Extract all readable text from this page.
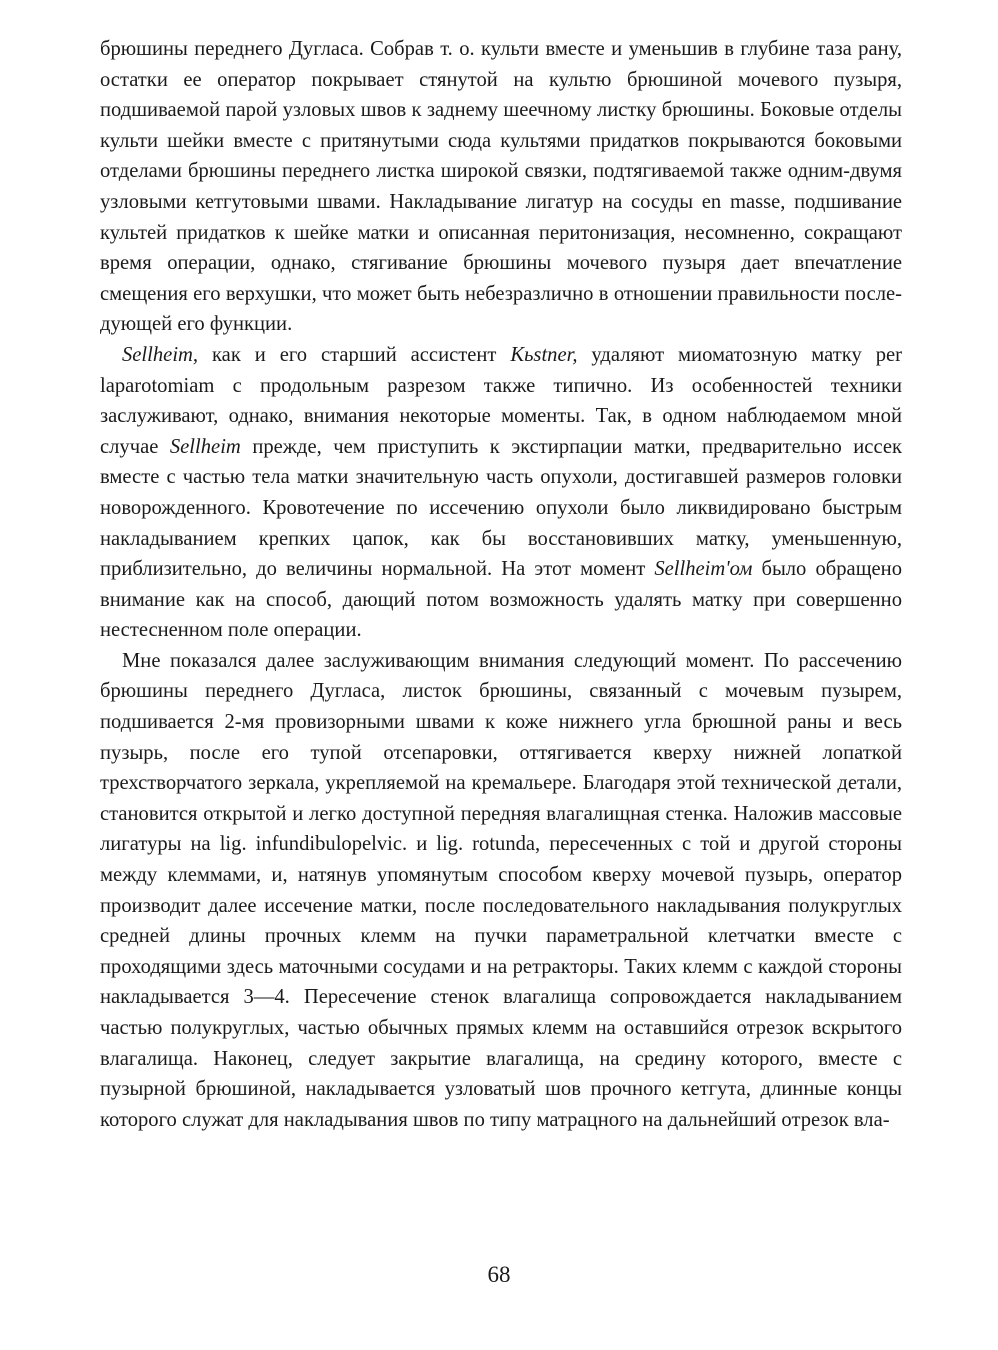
брюшины переднего Дугласа. Собрав т. о. культи вместе и уменьшив в глубине таза рану, остатки ее оператор покрывает стянутой на культю брюшиной мочевого пузыря, подшиваемой парой узловых швов к заднему шеечному листку брюшины. Боковые отделы культи шейки вместе с притянутыми сюда культями придатков покрываются боковыми отделами брюшины переднего листка широкой связки, подтягиваемой также одним-двумя узловыми кетгутовыми швами. Накладывание лигатур на сосуды en masse, подшивание культей придатков к шейке матки и описанная перитонизация, несомненно, сокращают время операции, однако, стягивание брюшины мочевого пузыря дает впечатление смещения его верхушки, что может быть небезразлично в отношении правильности последующей его функции.

Sellheim, как и его старший ассистент Kьstner, удаляют миоматозную матку per laparotomiam с продольным разрезом также типично. Из особенностей техники заслуживают, однако, внимания некоторые моменты. Так, в одном наблюдаемом мной случае Sellheim прежде, чем приступить к экстирпации матки, предварительно иссек вместе с частью тела матки значительную часть опухоли, достигавшей размеров головки новорожденного. Кровотечение по иссечению опухоли было ликвидировано быстрым накладыванием крепких цапок, как бы восстановивших матку, уменьшенную, приблизительно, до величины нормальной. На этот момент Sellheim'ом было обращено внимание как на способ, дающий потом возможность удалять матку при совершенно нестесненном поле операции.

Мне показался далее заслуживающим внимания следующий момент. По рассечению брюшины переднего Дугласа, листок брюшины, связанный с мочевым пузырем, подшивается 2-мя провизорными швами к коже нижнего угла брюшной раны и весь пузырь, после его тупой отсепаровки, оттягивается кверху нижней лопаткой трехстворчатого зеркала, укрепляемой на кремальере. Благодаря этой технической детали, становится открытой и легко доступной передняя влагалищная стенка. Наложив массовые лигатуры на lig. infundibulopelvic. и lig. rotunda, пересеченных с той и другой стороны между клеммами, и, натянув упомянутым способом кверху мочевой пузырь, оператор производит далее иссечение матки, после последовательного накладывания полукруглых средней длины прочных клемм на пучки параметральной клетчатки вместе с проходящими здесь маточными сосудами и на ретракторы. Таких клемм с каждой стороны накладывается 3—4. Пересечение стенок влагалища сопровождается накладыванием частью полукруглых, частью обычных прямых клемм на оставшийся отрезок вскрытого влагалища. Наконец, следует закрытие влагалища, на средину которого, вместе с пузырной брюшиной, накладывается узловатый шов прочного кетгута, длинные концы которого служат для накладывания швов по типу матрацного на дальнейший отрезок вла-

68
